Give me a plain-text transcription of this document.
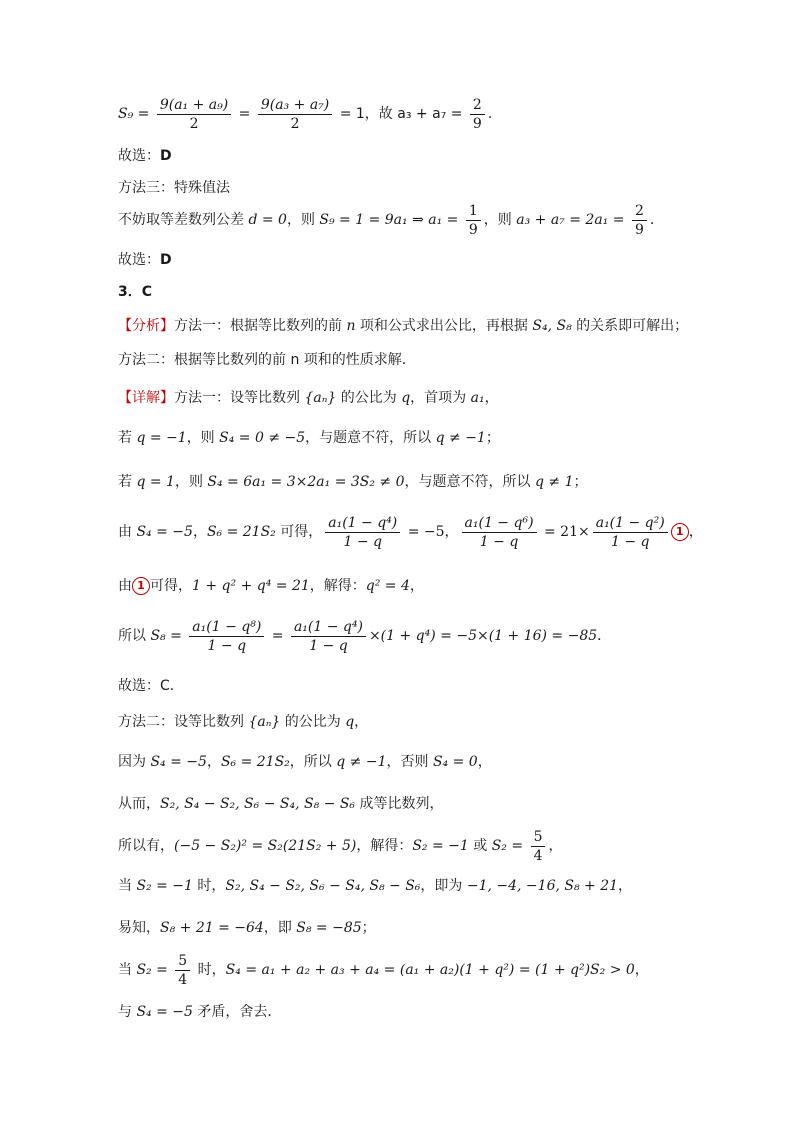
$S_9 = \frac{\text{9(a₁ + a₉)}}{2} = \frac{\text{9(a₃ + a₇)}}{2} = 1$，故 $a_3 + a_7 = \frac{2}{9}$ .
故选：D
方法三：特殊值法
不妨取等差数列公差 d = 0，则 S₉ = 1 = 9a₁ ⇒ $a_1 = \frac{1}{9}$ ，则 $a_3 + a_7 = 2a_1 = \frac{2}{9}$ .
故选：D
3．C
【分析】方法一：根据等比数列的前 n 项和公式求出公比，再根据 S₄, S₈ 的关系即可解出；
方法二：根据等比数列的前 n 项和的性质求解．
【详解】方法一：设等比数列 {aₙ} 的公比为 q，首项为 a₁，
若 q = −1，则 S₄ = 0 ≠ −5，与题意不符，所以 q ≠ −1；
若 q = 1，则 S₄ = 6a₁ = 3×2a₁ = 3S₂ ≠ 0，与题意不符，所以 q ≠ 1；
由 S₄ = −5，S₆ = 21S₂ 可得， $\frac{\text{a₁(1 − q⁴)}}{1 - q} = -5$， $\frac{\text{a₁(1 − q⁶)}}{1 - q} = 21\times \frac{\text{a₁(1 − q²)}}{1 - q} 1$ ，
由 1 可得，1 + q² + q⁴ = 21，解得：q² = 4，
所以 $S_8 = \frac{\text{a₁(1 − q⁸)}}{1 - q} = \frac{\text{a₁(1 − q⁴)}}{1 - q} \times(1 + q^4) = -5\times(1 + 16) = -85$．
故选：C．
方法二：设等比数列 {aₙ} 的公比为 q，
因为 S₄ = −5，S₆ = 21S₂，所以 q ≠ −1，否则 S₄ = 0，
从而，S₂, S₄ − S₂, S₆ − S₄, S₈ − S₆ 成等比数列，
所以有，(−5 − S₂)² = S₂(21S₂ + 5)，解得：S₂ = −1 或 $S_2 = \frac{5}{4}$ ，
当 S₂ = −1 时，S₂, S₄ − S₂, S₆ − S₄, S₈ − S₆，即为 −1, −4, −16, S₈ + 21，
易知，S₈ + 21 = −64，即 S₈ = −85；
当 $S_2 = \frac{5}{4}$ 时，S₄ = a₁ + a₂ + a₃ + a₄ = (a₁ + a₂)(1 + q²) = (1 + q²)S₂ > 0，
与 S₄ = −5 矛盾，舍去．
